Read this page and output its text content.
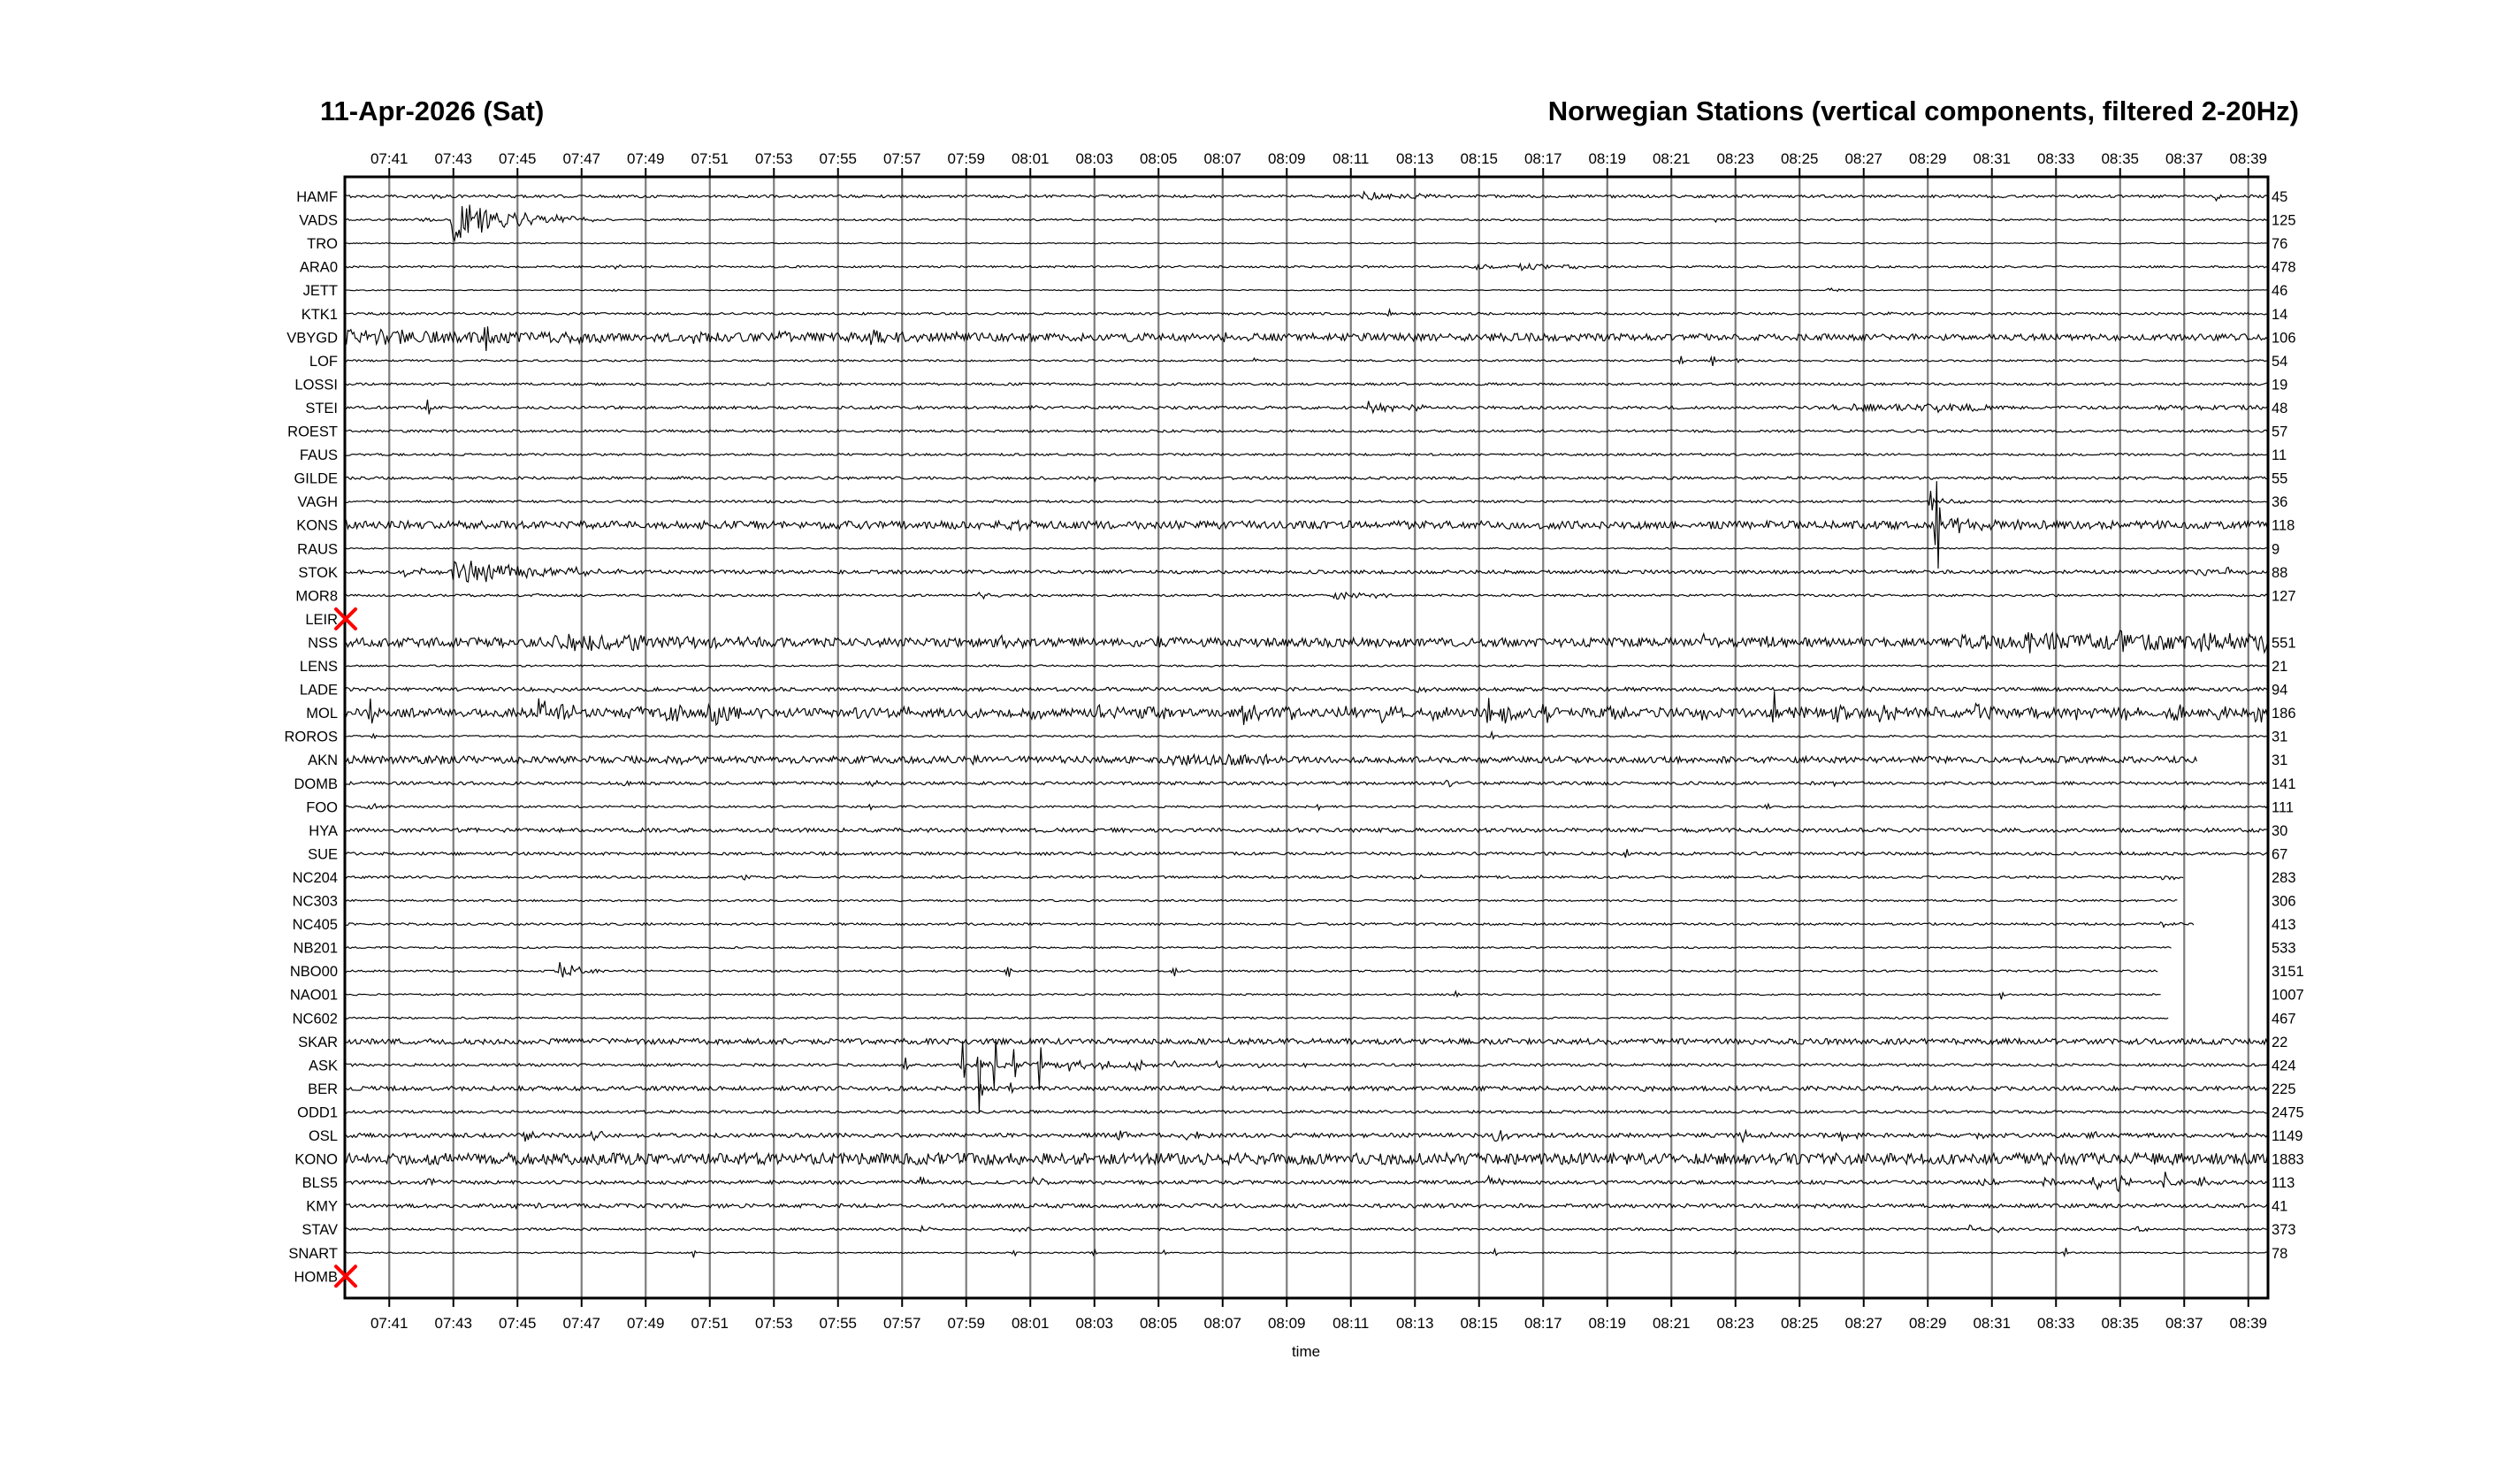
11-Apr-2026 (Sat)	Norwegian Stations (vertical components, filtered 2-20Hz)
07:41
07:41
07:43
07:43
07:45
07:45
07:47
07:47
07:49
07:49
07:51
07:51
07:53
07:53
07:55
07:55
07:57
07:57
07:59
07:59
08:01
08:01
08:03
08:03
08:05
08:05
08:07
08:07
08:09
08:09
08:11
08:11
08:13
08:13
08:15
08:15
08:17
08:17
08:19
08:19
08:21
08:21
08:23
08:23
08:25
08:25
08:27
08:27
08:29
08:29
08:31
08:31
08:33
08:33
08:35
08:35
08:37
08:37
08:39
08:39
HAMF	45
VADS	125
TRO	76
ARA0	478
JETT	46
KTK1	14
VBYGD	106
LOF	54
LOSSI	19
STEI	48
ROEST	57
FAUS	11
GILDE	55
VAGH	36
KONS	118
RAUS	9
STOK	88
MOR8	127
LEIR
NSS	551
LENS	21
LADE	94
MOL	186
ROROS	31
AKN	31
DOMB	141
FOO	111
HYA	30
SUE	67
NC204	283
NC303	306
NC405	413
NB201	533
NBO00	3151
NAO01	1007
NC602	467
SKAR	22
ASK	424
BER	225
ODD1	2475
OSL	1149
KONO	1883
BLS5	113
KMY	41
STAV	373
SNART	78
HOMB
time
